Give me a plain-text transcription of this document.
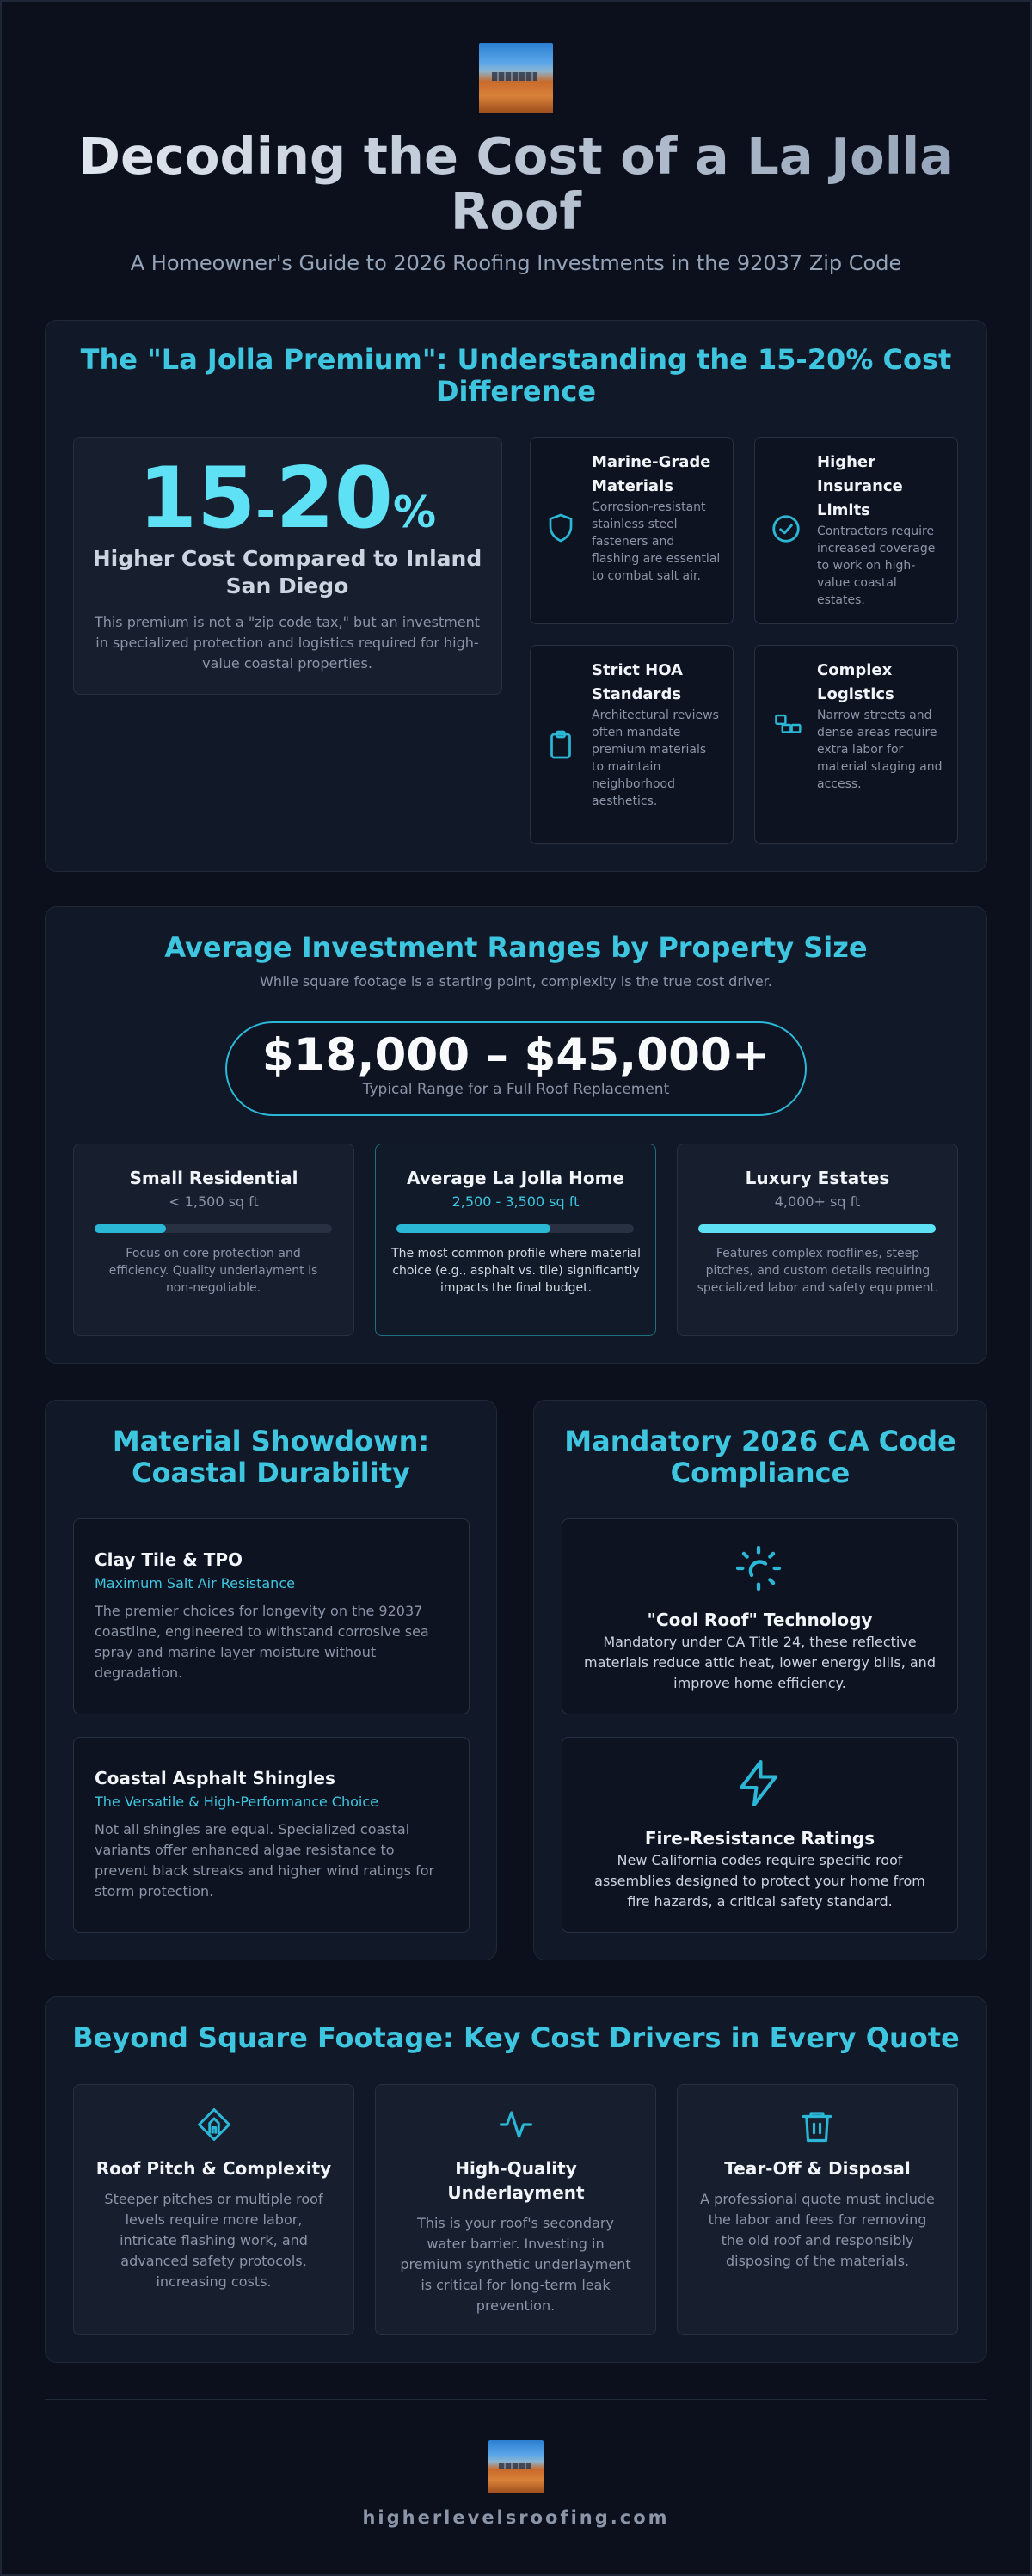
Decoding the Cost of a La Jolla Roof
A Homeowner's Guide to 2026 Roofing Investments in the 92037 Zip Code
The "La Jolla Premium": Understanding the 15-20% Cost Difference
15-20%
Higher Cost Compared to Inland San Diego
This premium is not a "zip code tax," but an investment in specialized protection and logistics required for high-value coastal properties.
Marine-Grade Materials
Corrosion-resistant stainless steel fasteners and flashing are essential to combat salt air.
Higher Insurance Limits
Contractors require increased coverage to work on high-value coastal estates.
Strict HOA Standards
Architectural reviews often mandate premium materials to maintain neighborhood aesthetics.
Complex Logistics
Narrow streets and dense areas require extra labor for material staging and access.
Average Investment Ranges by Property Size
While square footage is a starting point, complexity is the true cost driver.
$18,000 – $45,000+
Typical Range for a Full Roof Replacement
Small Residential
< 1,500 sq ft
Focus on core protection and efficiency. Quality underlayment is non-negotiable.
Average La Jolla Home
2,500 - 3,500 sq ft
The most common profile where material choice (e.g., asphalt vs. tile) significantly impacts the final budget.
Luxury Estates
4,000+ sq ft
Features complex rooflines, steep pitches, and custom details requiring specialized labor and safety equipment.
Material Showdown: Coastal Durability
Clay Tile & TPO
Maximum Salt Air Resistance
The premier choices for longevity on the 92037 coastline, engineered to withstand corrosive sea spray and marine layer moisture without degradation.
Coastal Asphalt Shingles
The Versatile & High-Performance Choice
Not all shingles are equal. Specialized coastal variants offer enhanced algae resistance to prevent black streaks and higher wind ratings for storm protection.
Mandatory 2026 CA Code Compliance
"Cool Roof" Technology
Mandatory under CA Title 24, these reflective materials reduce attic heat, lower energy bills, and improve home efficiency.
Fire-Resistance Ratings
New California codes require specific roof assemblies designed to protect your home from fire hazards, a critical safety standard.
Beyond Square Footage: Key Cost Drivers in Every Quote
Roof Pitch & Complexity
Steeper pitches or multiple roof levels require more labor, intricate flashing work, and advanced safety protocols, increasing costs.
High-Quality Underlayment
This is your roof's secondary water barrier. Investing in premium synthetic underlayment is critical for long-term leak prevention.
Tear-Off & Disposal
A professional quote must include the labor and fees for removing the old roof and responsibly disposing of the materials.
higherlevelsroofing.com
